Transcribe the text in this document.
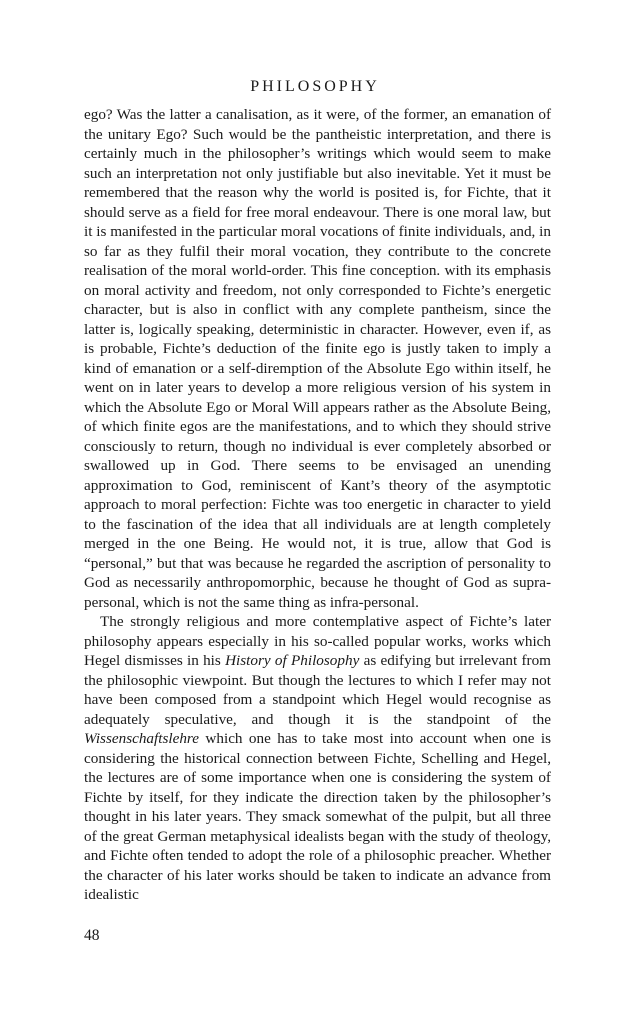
PHILOSOPHY

ego? Was the latter a canalisation, as it were, of the former, an emanation of the unitary Ego? Such would be the pantheistic interpretation, and there is certainly much in the philosopher’s writings which would seem to make such an interpretation not only justifiable but also inevitable. Yet it must be remembered that the reason why the world is posited is, for Fichte, that it should serve as a field for free moral endeavour. There is one moral law, but it is manifested in the particular moral vocations of finite individuals, and, in so far as they fulfil their moral vocation, they contribute to the concrete realisation of the moral world-order. This fine conception. with its emphasis on moral activity and freedom, not only corresponded to Fichte’s energetic character, but is also in conflict with any complete pantheism, since the latter is, logically speaking, deterministic in character. However, even if, as is probable, Fichte’s deduction of the finite ego is justly taken to imply a kind of emanation or a self-diremption of the Absolute Ego within itself, he went on in later years to develop a more religious version of his system in which the Absolute Ego or Moral Will appears rather as the Absolute Being, of which finite egos are the manifestations, and to which they should strive consciously to return, though no individual is ever completely absorbed or swallowed up in God. There seems to be envisaged an unending approximation to God, reminiscent of Kant’s theory of the asymptotic approach to moral perfection: Fichte was too energetic in character to yield to the fascination of the idea that all individuals are at length completely merged in the one Being. He would not, it is true, allow that God is “personal,” but that was because he regarded the ascription of personality to God as necessarily anthropomorphic, because he thought of God as supra-personal, which is not the same thing as infra-personal.

The strongly religious and more contemplative aspect of Fichte’s later philosophy appears especially in his so-called popular works, works which Hegel dismisses in his History of Philosophy as edifying but irrelevant from the philosophic viewpoint. But though the lectures to which I refer may not have been composed from a standpoint which Hegel would recognise as adequately speculative, and though it is the standpoint of the Wissenschaftslehre which one has to take most into account when one is considering the historical connection between Fichte, Schelling and Hegel, the lectures are of some importance when one is considering the system of Fichte by itself, for they indicate the direction taken by the philosopher’s thought in his later years. They smack somewhat of the pulpit, but all three of the great German metaphysical idealists began with the study of theology, and Fichte often tended to adopt the role of a philosophic preacher. Whether the character of his later works should be taken to indicate an advance from idealistic

48
